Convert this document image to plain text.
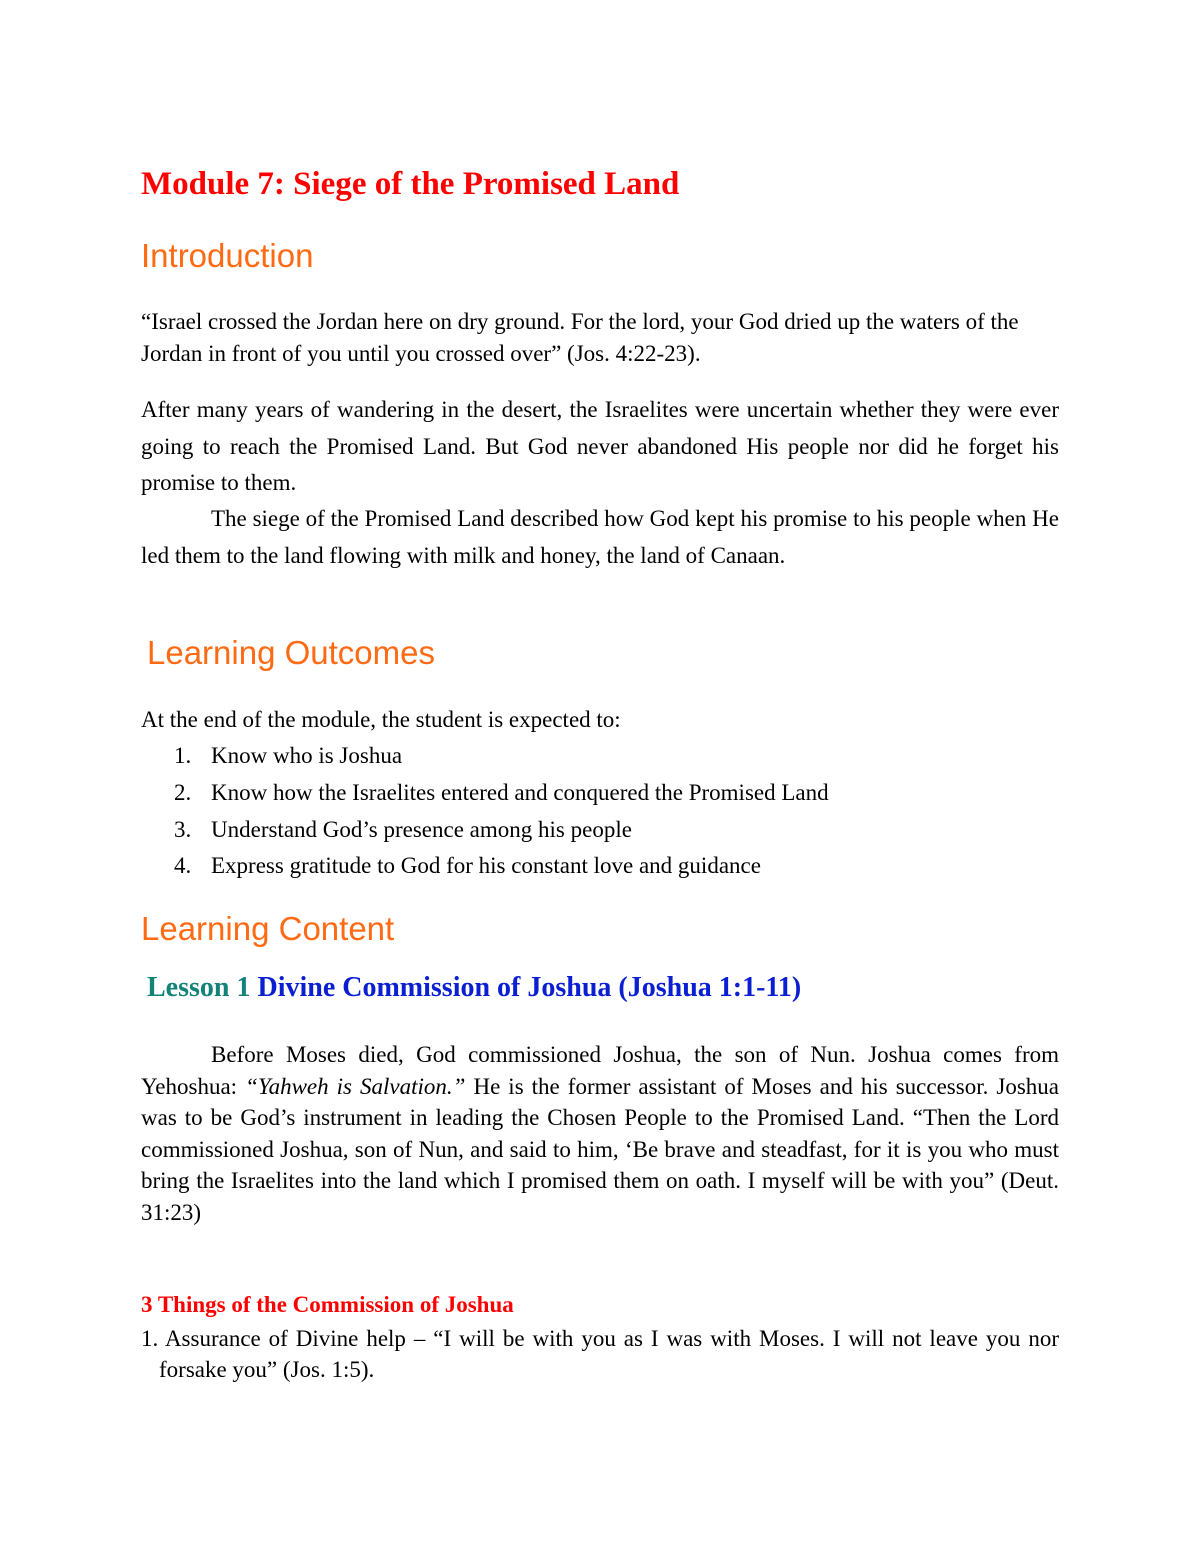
Module 7: Siege of the Promised Land
Introduction

“Israel crossed the Jordan here on dry ground. For the lord, your God dried up the waters of the Jordan in front of you until you crossed over” (Jos. 4:22-23).

After many years of wandering in the desert, the Israelites were uncertain whether they were ever going to reach the Promised Land. But God never abandoned His people nor did he forget his promise to them.

The siege of the Promised Land described how God kept his promise to his people when He led them to the land flowing with milk and honey, the land of Canaan.

Learning Outcomes

At the end of the module, the student is expected to:

1. Know who is Joshua
2. Know how the Israelites entered and conquered the Promised Land
3. Understand God’s presence among his people
4. Express gratitude to God for his constant love and guidance
Learning Content
Lesson 1 Divine Commission of Joshua (Joshua 1:1-11)

Before Moses died, God commissioned Joshua, the son of Nun. Joshua comes from Yehoshua: “Yahweh is Salvation.” He is the former assistant of Moses and his successor. Joshua was to be God’s instrument in leading the Chosen People to the Promised Land. “Then the Lord commissioned Joshua, son of Nun, and said to him, ‘Be brave and steadfast, for it is you who must bring the Israelites into the land which I promised them on oath. I myself will be with you” (Deut. 31:23)

3 Things of the Commission of Joshua

1. Assurance of Divine help – “I will be with you as I was with Moses. I will not leave you nor forsake you” (Jos. 1:5).
